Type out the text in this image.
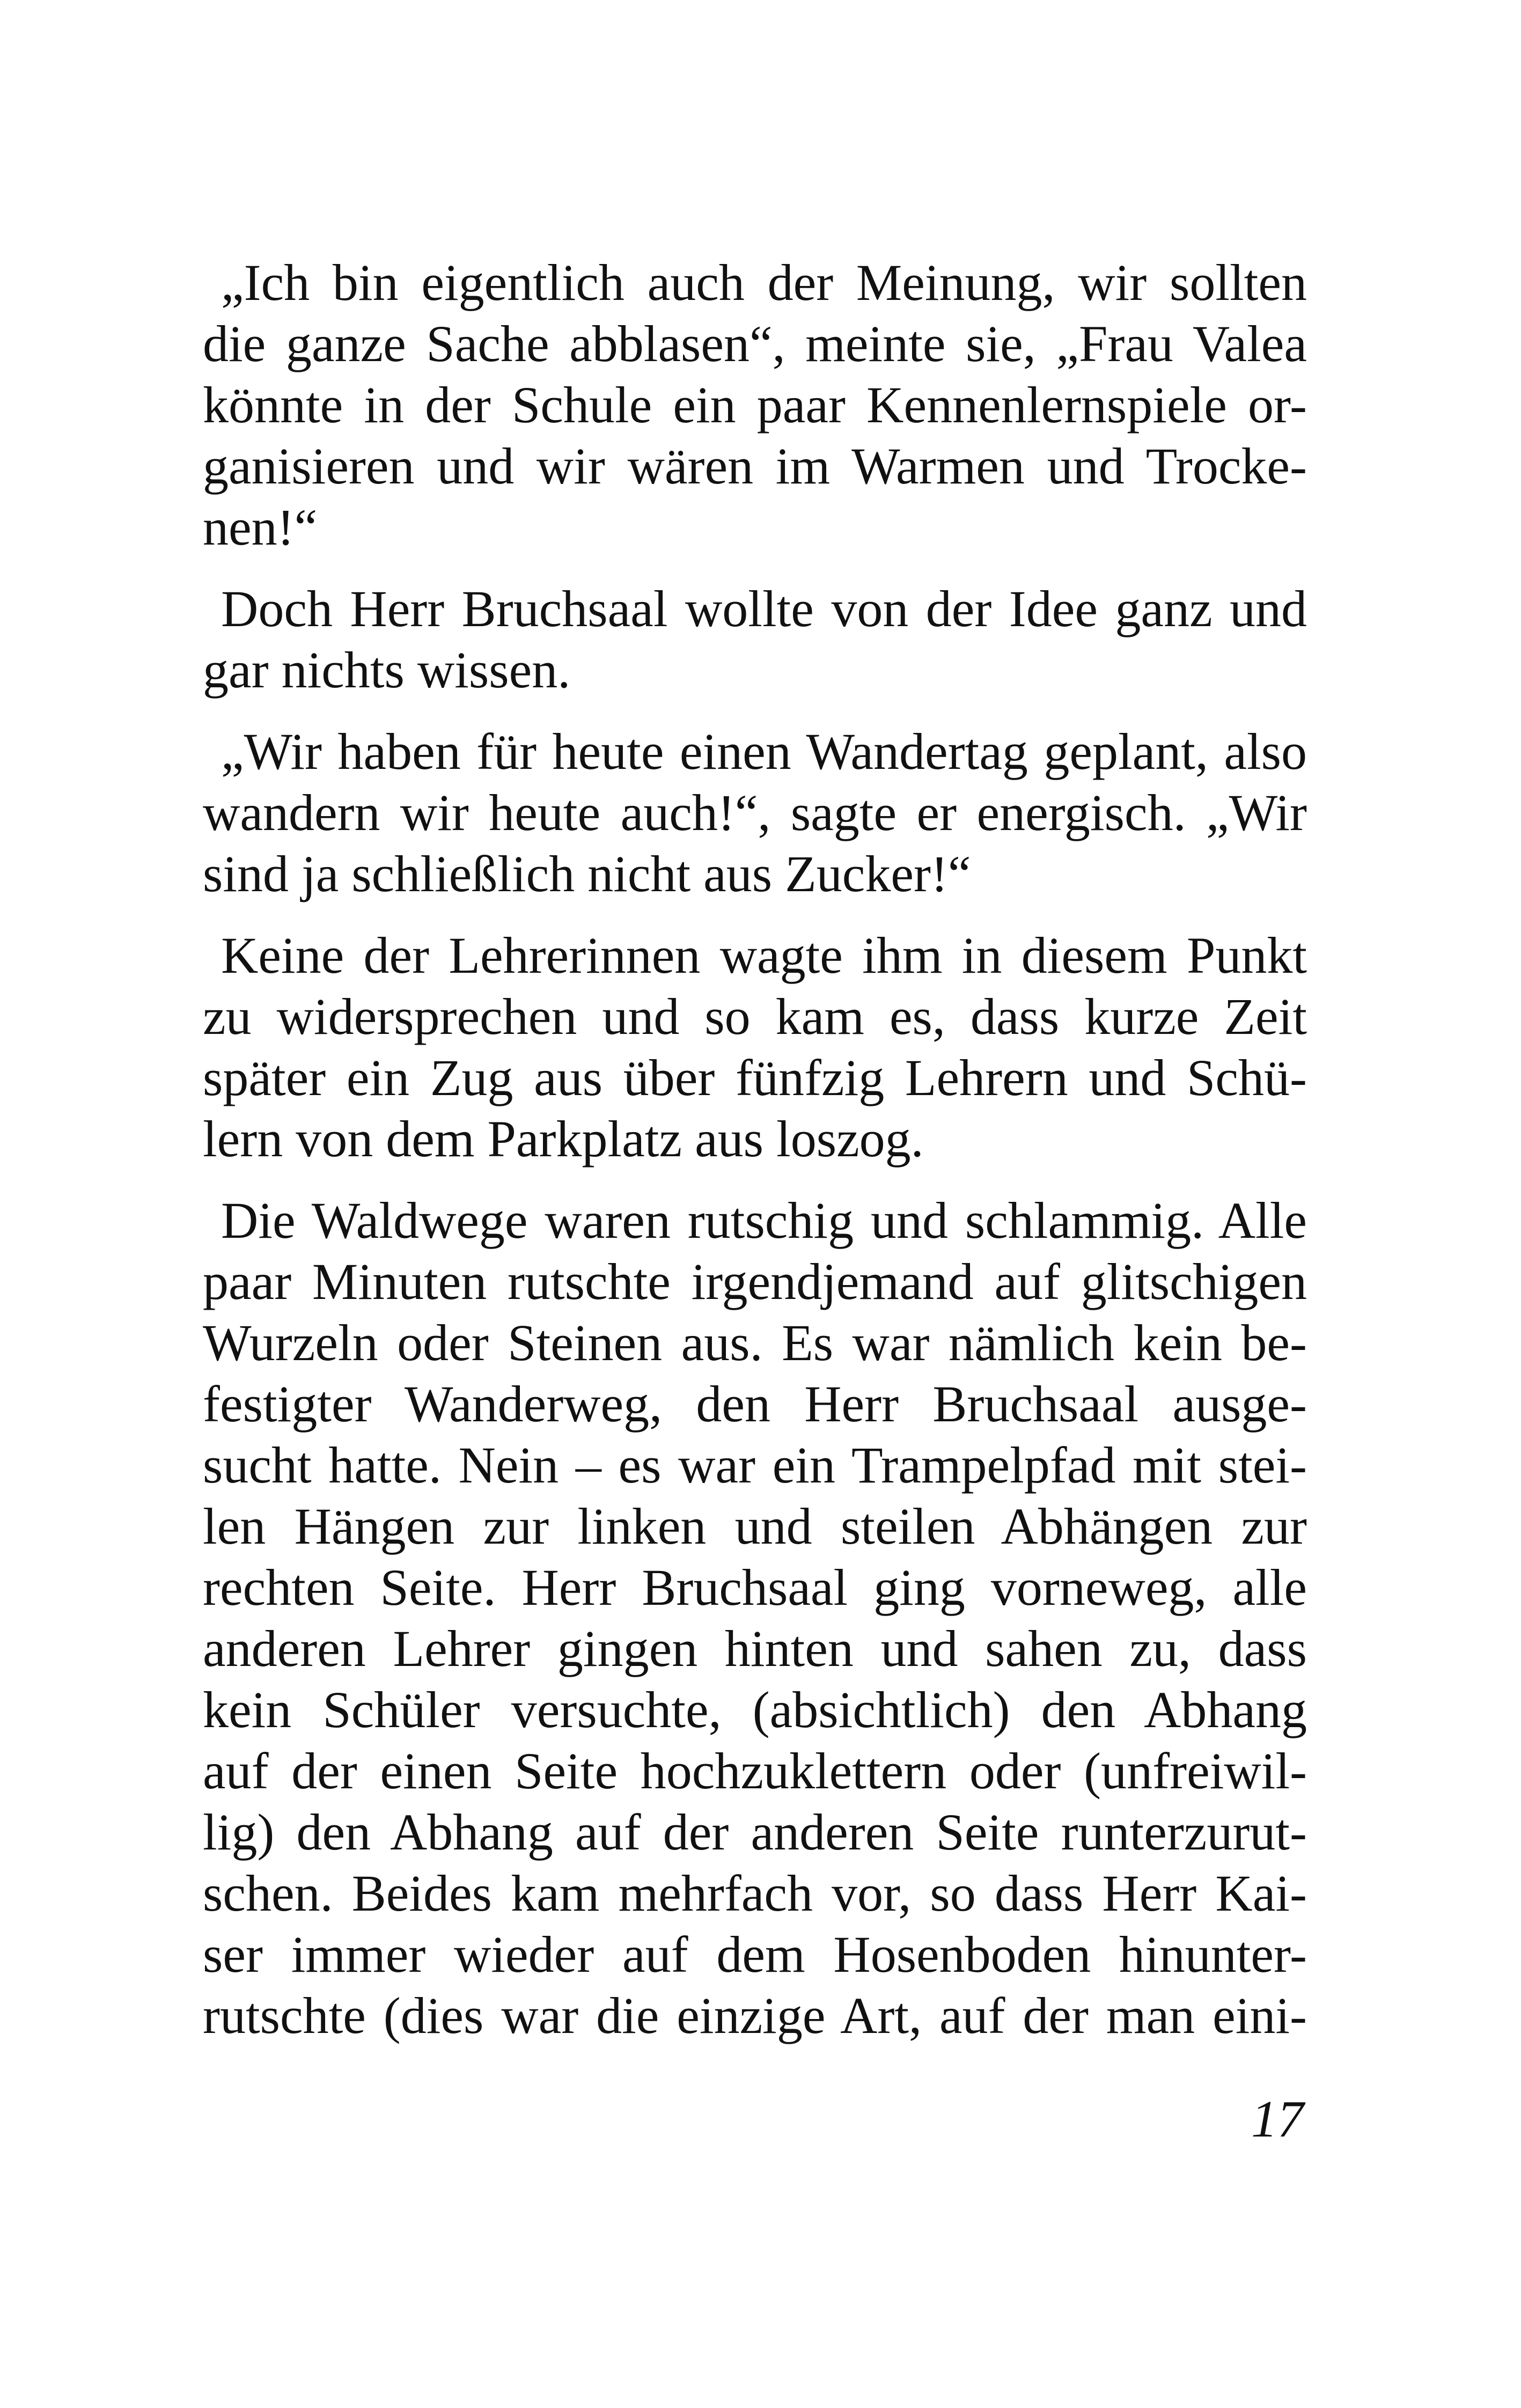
„Ich bin eigentlich auch der Meinung, wir sollten
die ganze Sache abblasen“, meinte sie, „Frau Valea
könnte in der Schule ein paar Kennenlernspiele or-
ganisieren und wir wären im Warmen und Trocke-
nen!“
Doch Herr Bruchsaal wollte von der Idee ganz und
gar nichts wissen.
„Wir haben für heute einen Wandertag geplant, also
wandern wir heute auch!“, sagte er energisch. „Wir
sind ja schließlich nicht aus Zucker!“
Keine der Lehrerinnen wagte ihm in diesem Punkt
zu widersprechen und so kam es, dass kurze Zeit
später ein Zug aus über fünfzig Lehrern und Schü-
lern von dem Parkplatz aus loszog.
Die Waldwege waren rutschig und schlammig. Alle
paar Minuten rutschte irgendjemand auf glitschigen
Wurzeln oder Steinen aus. Es war nämlich kein be-
festigter Wanderweg, den Herr Bruchsaal ausge-
sucht hatte. Nein – es war ein Trampelpfad mit stei-
len Hängen zur linken und steilen Abhängen zur
rechten Seite. Herr Bruchsaal ging vorneweg, alle
anderen Lehrer gingen hinten und sahen zu, dass
kein Schüler versuchte, (absichtlich) den Abhang
auf der einen Seite hochzuklettern oder (unfreiwil-
lig) den Abhang auf der anderen Seite runterzurut-
schen. Beides kam mehrfach vor, so dass Herr Kai-
ser immer wieder auf dem Hosenboden hinunter-
rutschte (dies war die einzige Art, auf der man eini-
17
